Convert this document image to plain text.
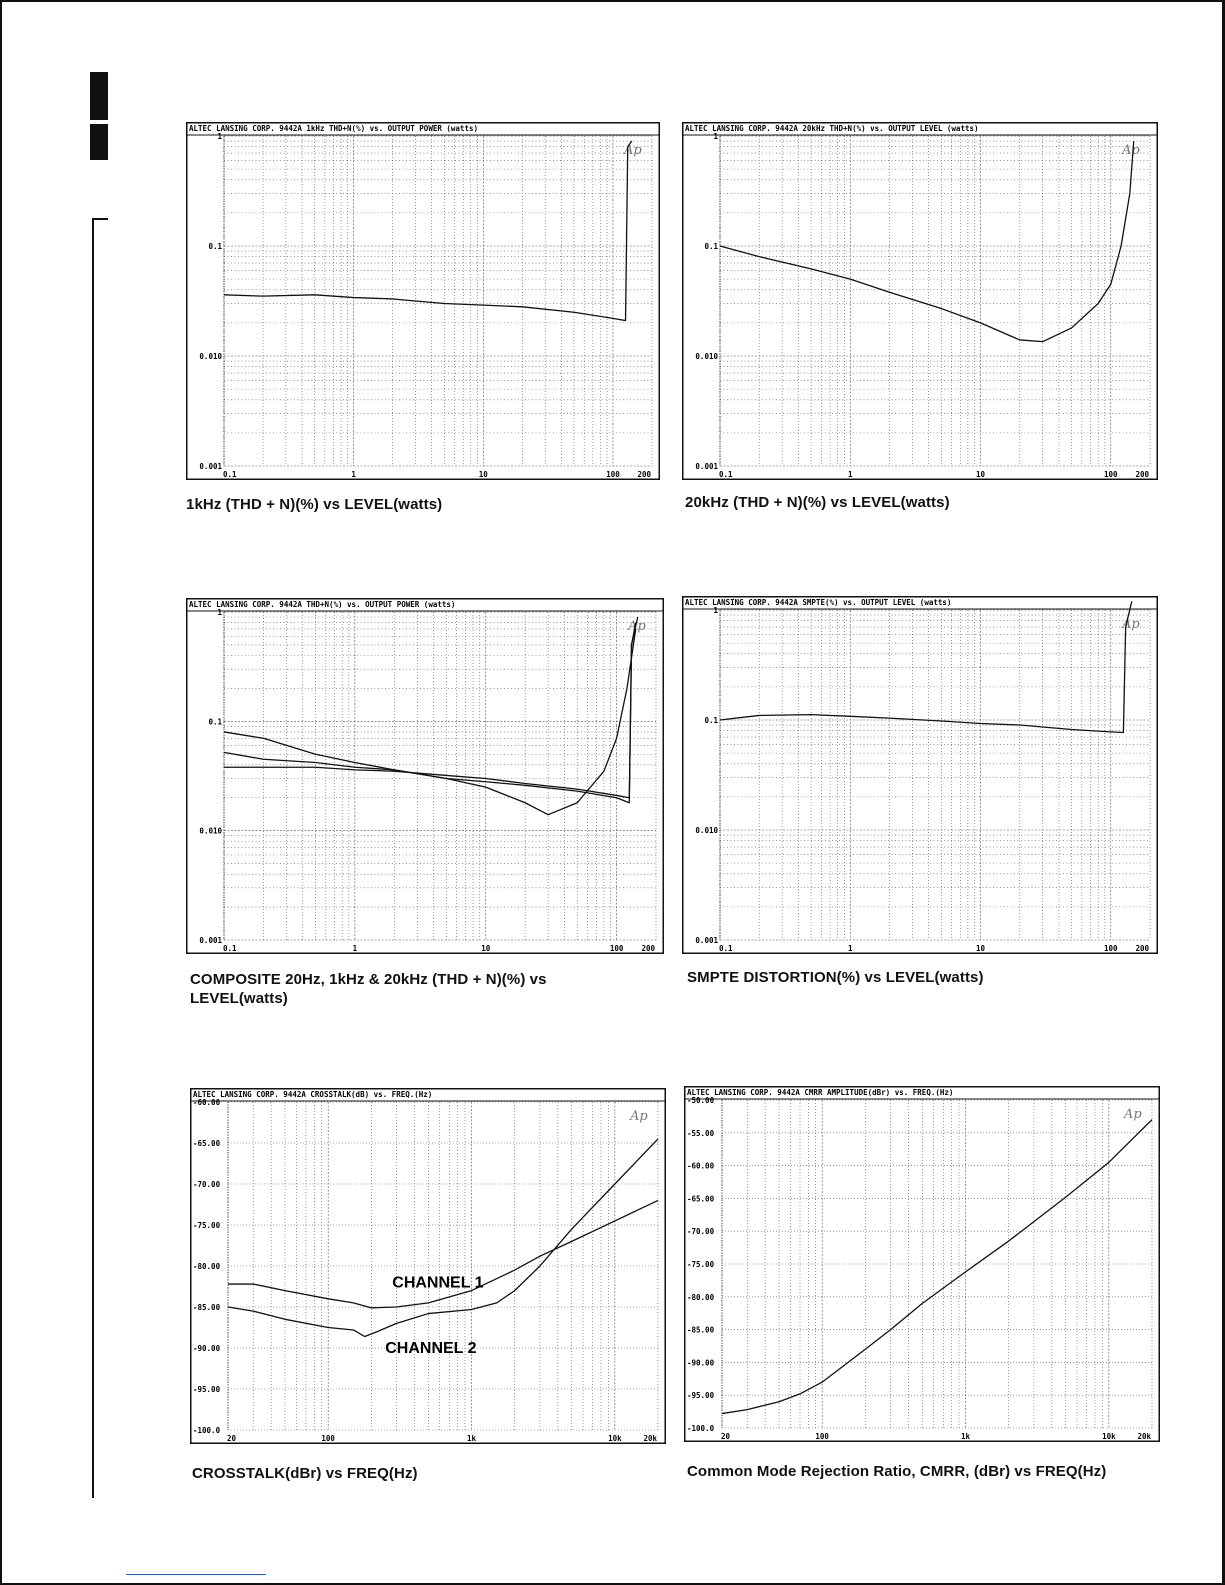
ALTEC LANSING CORP. 9442A 1kHz THD+N(%) vs. OUTPUT POWER (watts)
1
0.1
0.010
0.001
0.1	1	10	100 200
Ap
ALTEC LANSING CORP. 9442A 20kHz THD+N(%) vs. OUTPUT LEVEL (watts)
1
0.1
0.010
0.001
0.1	1	10	100 200
Ap
ALTEC LANSING CORP. 9442A THD+N(%) vs. OUTPUT POWER (watts)
1
0.1
0.010
0.001
0.1	1	10	100 200
Ap
ALTEC LANSING CORP. 9442A SMPTE(%) vs. OUTPUT LEVEL (watts)
1
0.1
0.010
0.001
0.1	1	10	100 200
Ap
ALTEC LANSING CORP. 9442A CROSSTALK(dB) vs. FREQ.(Hz)
-60.00
-65.00
-70.00
-75.00
-80.00
-85.00
-90.00
-95.00
-100.0
20	100	1k	10k	20k
Ap
CHANNEL 1
CHANNEL 2
ALTEC LANSING CORP. 9442A CMRR AMPLITUDE(dBr) vs. FREQ.(Hz)
-50.00
-55.00
-60.00
-65.00
-70.00
-75.00
-80.00
-85.00
-90.00
-95.00
-100.0
20	100	1k	10k	20k
Ap
1kHz (THD + N)(%) vs LEVEL(watts)	20kHz (THD + N)(%) vs LEVEL(watts)
COMPOSITE 20Hz, 1kHz & 20kHz (THD + N)(%) vs LEVEL(watts)
SMPTE DISTORTION(%) vs LEVEL(watts)
CROSSTALK(dBr) vs FREQ(Hz)	Common Mode Rejection Ratio, CMRR, (dBr) vs FREQ(Hz)
